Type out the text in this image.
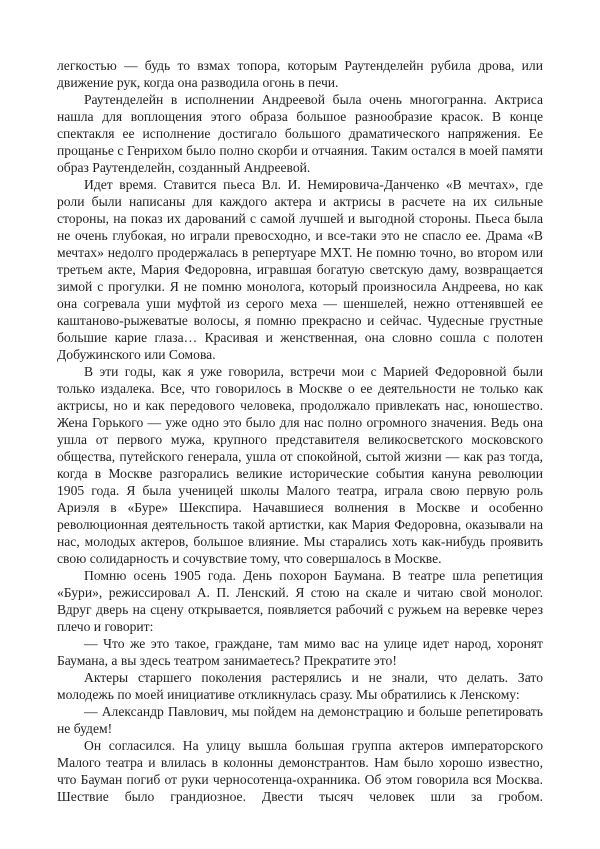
легкостью — будь то взмах топора, которым Раутенделейн рубила дрова, или движение рук, когда она разводила огонь в печи.

Раутенделейн в исполнении Андреевой была очень многогранна. Актриса нашла для воплощения этого образа большое разнообразие красок. В конце спектакля ее исполнение достигало большого драматического напряжения. Ее прощанье с Генрихом было полно скорби и отчаяния. Таким остался в моей памяти образ Раутенделейн, созданный Андреевой.

Идет время. Ставится пьеса Вл. И. Немировича-Данченко «В мечтах», где роли были написаны для каждого актера и актрисы в расчете на их сильные стороны, на показ их дарований с самой лучшей и выгодной стороны. Пьеса была не очень глубокая, но играли превосходно, и все-таки это не спасло ее. Драма «В мечтах» недолго продержалась в репертуаре МХТ. Не помню точно, во втором или третьем акте, Мария Федоровна, игравшая богатую светскую даму, возвращается зимой с прогулки. Я не помню монолога, который произносила Андреева, но как она согревала уши муфтой из серого меха — шеншелей, нежно оттенявшей ее каштаново-рыжеватые волосы, я помню прекрасно и сейчас. Чудесные грустные большие карие глаза… Красивая и женственная, она словно сошла с полотен Добужинского или Сомова.

В эти годы, как я уже говорила, встречи мои с Марией Федоровной были только издалека. Все, что говорилось в Москве о ее деятельности не только как актрисы, но и как передового человека, продолжало привлекать нас, юношество. Жена Горького — уже одно это было для нас полно огромного значения. Ведь она ушла от первого мужа, крупного представителя великосветского московского общества, путейского генерала, ушла от спокойной, сытой жизни — как раз тогда, когда в Москве разгорались великие исторические события кануна революции 1905 года. Я была ученицей школы Малого театра, играла свою первую роль Ариэля в «Буре» Шекспира. Начавшиеся волнения в Москве и особенно революционная деятельность такой артистки, как Мария Федоровна, оказывали на нас, молодых актеров, большое влияние. Мы старались хоть как-нибудь проявить свою солидарность и сочувствие тому, что совершалось в Москве.

Помню осень 1905 года. День похорон Баумана. В театре шла репетиция «Бури», режиссировал А. П. Ленский. Я стою на скале и читаю свой монолог. Вдруг дверь на сцену открывается, появляется рабочий с ружьем на веревке через плечо и говорит:

— Что же это такое, граждане, там мимо вас на улице идет народ, хоронят Баумана, а вы здесь театром занимаетесь? Прекратите это!

Актеры старшего поколения растерялись и не знали, что делать. Зато молодежь по моей инициативе откликнулась сразу. Мы обратились к Ленскому:

— Александр Павлович, мы пойдем на демонстрацию и больше репетировать не будем!

Он согласился. На улицу вышла большая группа актеров императорского Малого театра и влилась в колонны демонстрантов. Нам было хорошо известно, что Бауман погиб от руки черносотенца-охранника. Об этом говорила вся Москва. Шествие было грандиозное. Двести тысяч человек шли за гробом.
